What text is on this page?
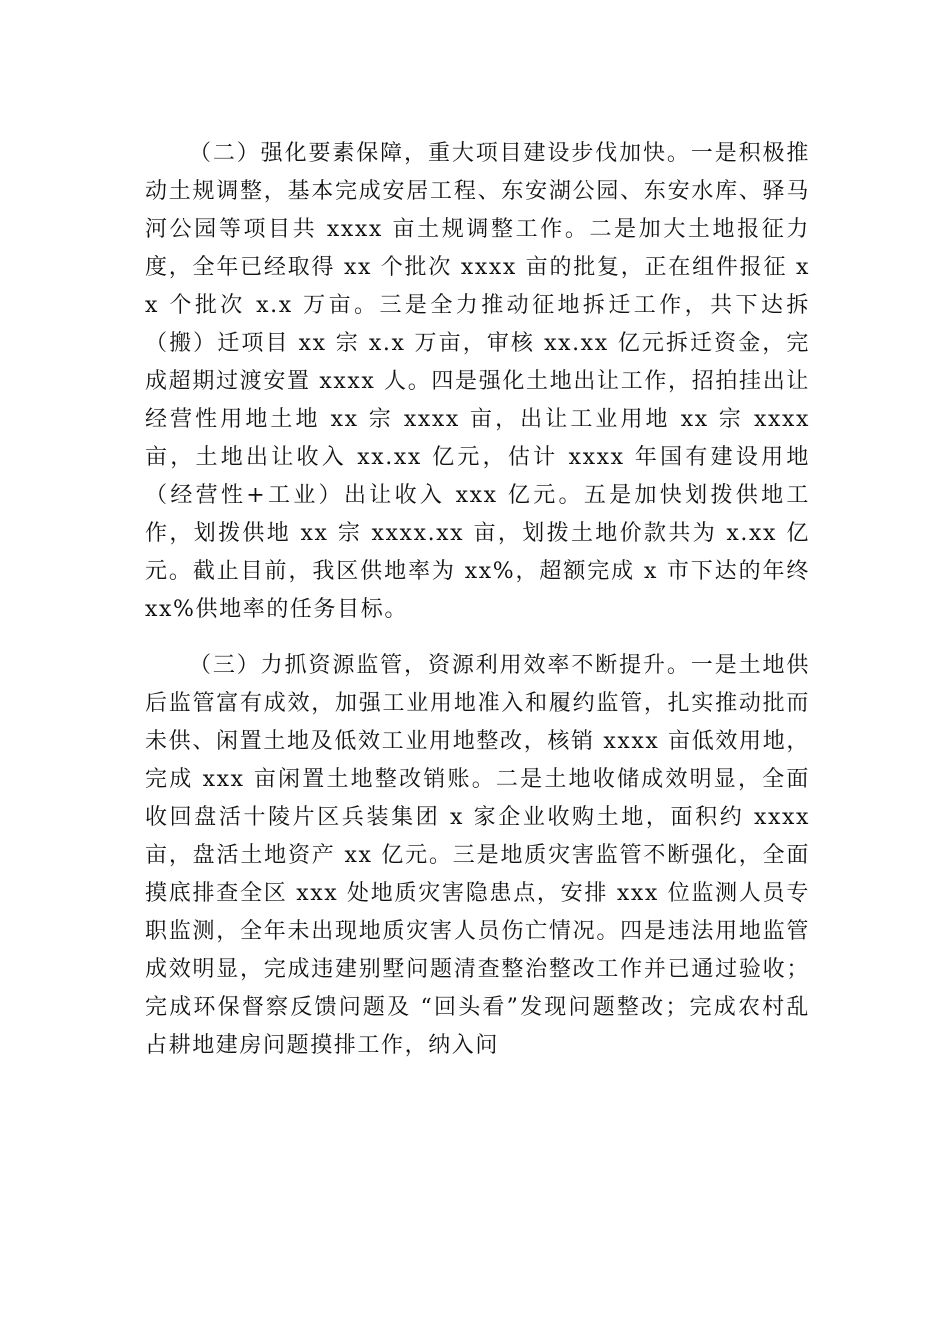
（二）强化要素保障，重大项目建设步伐加快。一是积极推动土规调整，基本完成安居工程、东安湖公园、东安水库、驿马河公园等项目共 xxxx 亩土规调整工作。二是加大土地报征力度，全年已经取得 xx 个批次 xxxx 亩的批复，正在组件报征 xx 个批次 x.x 万亩。三是全力推动征地拆迁工作，共下达拆（搬）迁项目 xx 宗 x.x 万亩，审核 xx.xx 亿元拆迁资金，完成超期过渡安置 xxxx 人。四是强化土地出让工作，招拍挂出让经营性用地土地 xx 宗 xxxx 亩，出让工业用地 xx 宗 xxxx 亩，土地出让收入 xx.xx 亿元，估计 xxxx 年国有建设用地（经营性+工业）出让收入 xxx 亿元。五是加快划拨供地工作，划拨供地 xx 宗 xxxx.xx 亩，划拨土地价款共为 x.xx 亿元。截止目前，我区供地率为 xx%，超额完成 x 市下达的年终 xx%供地率的任务目标。

（三）力抓资源监管，资源利用效率不断提升。一是土地供后监管富有成效，加强工业用地准入和履约监管，扎实推动批而未供、闲置土地及低效工业用地整改，核销 xxxx 亩低效用地，完成 xxx 亩闲置土地整改销账。二是土地收储成效明显，全面收回盘活十陵片区兵装集团 x 家企业收购土地，面积约 xxxx 亩，盘活土地资产 xx 亿元。三是地质灾害监管不断强化，全面摸底排查全区 xxx 处地质灾害隐患点，安排 xxx 位监测人员专职监测，全年未出现地质灾害人员伤亡情况。四是违法用地监管成效明显，完成违建别墅问题清查整治整改工作并已通过验收；完成环保督察反馈问题及 “回头看”发现问题整改；完成农村乱占耕地建房问题摸排工作，纳入问
